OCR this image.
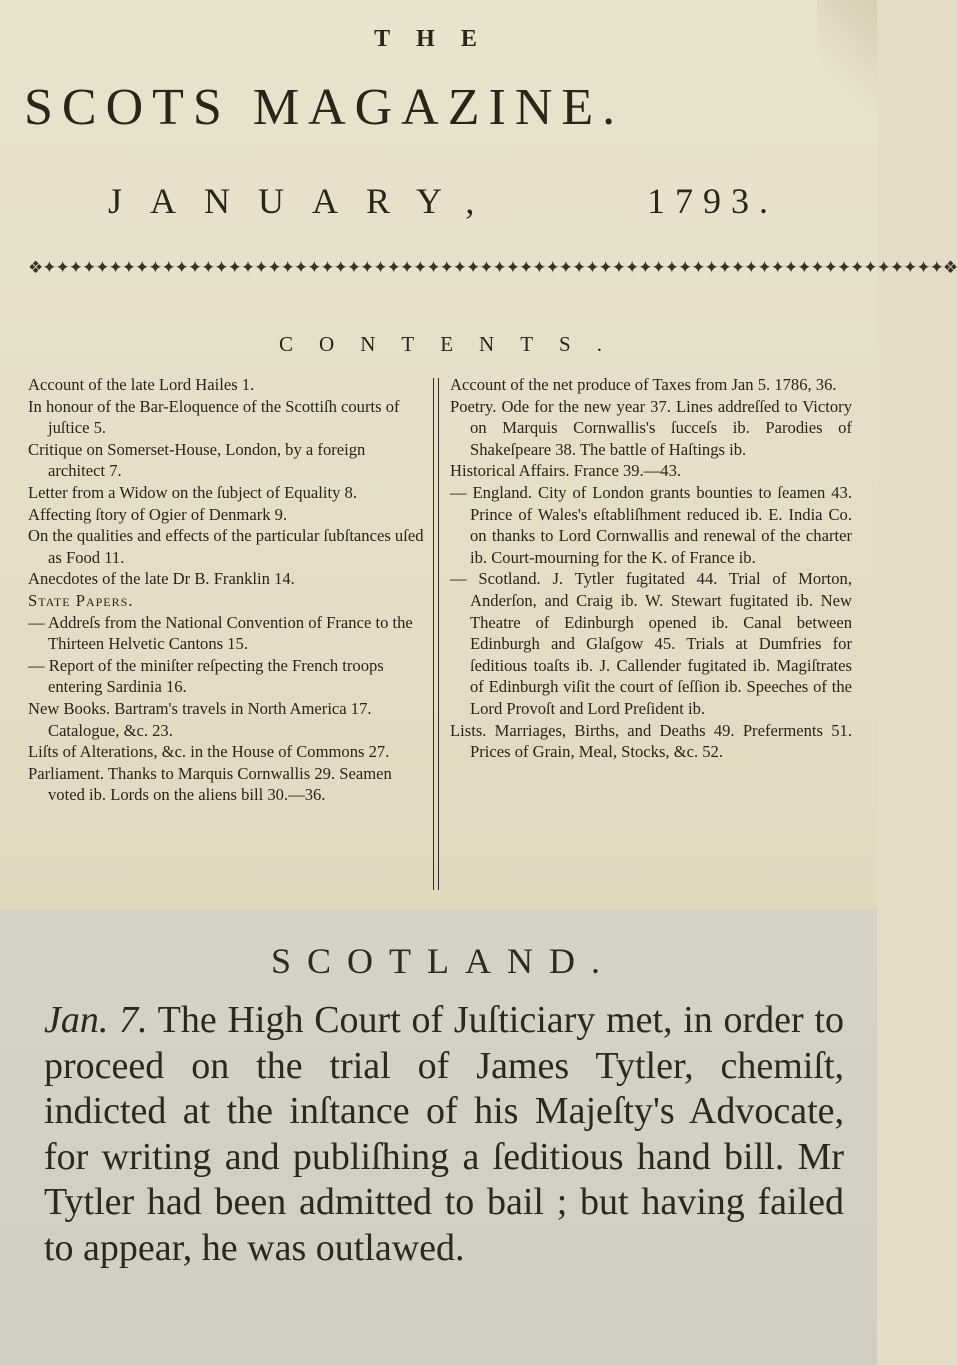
THE
SCOTS MAGAZINE.
JANUARY,	1793.
❖✦✦✦✦✦✦✦✦✦✦✦✦✦✦✦✦✦✦✦✦✦✦✦✦✦✦✦✦✦✦✦✦✦✦✦✦✦✦✦✦✦✦✦✦✦✦✦✦✦✦✦✦✦✦✦✦✦✦✦✦✦✦✦✦✦✦✦✦❖
CONTENTS.

Account of the late Lord Hailes 1.

In honour of the Bar-Eloquence of the Scottiſh courts of juſtice 5.

Critique on Somerset-House, London, by a foreign architect 7.

Letter from a Widow on the ſubject of Equality 8.

Affecting ſtory of Ogier of Denmark 9.

On the qualities and effects of the particular ſubſtances uſed as Food 11.

Anecdotes of the late Dr B. Franklin 14.

State Papers.

— Addreſs from the National Convention of France to the Thirteen Helvetic Cantons 15.

— Report of the miniſter reſpecting the French troops entering Sardinia 16.

New Books. Bartram's travels in North America 17. Catalogue, &c. 23.

Liſts of Alterations, &c. in the House of Commons 27.

Parliament. Thanks to Marquis Cornwallis 29. Seamen voted ib. Lords on the aliens bill 30.—36.

Account of the net produce of Taxes from Jan 5. 1786, 36.

Poetry. Ode for the new year 37. Lines addreſſed to Victory on Marquis Cornwallis's ſucceſs ib. Parodies of Shakeſpeare 38. The battle of Haſtings ib.

Historical Affairs. France 39.—43.

— England. City of London grants bounties to ſeamen 43. Prince of Wales's eſtabliſhment reduced ib. E. India Co. on thanks to Lord Cornwallis and renewal of the charter ib. Court-mourning for the K. of France ib.

— Scotland. J. Tytler fugitated 44. Trial of Morton, Anderſon, and Craig ib. W. Stewart fugitated ib. New Theatre of Edinburgh opened ib. Canal between Edinburgh and Glaſgow 45. Trials at Dumfries for ſeditious toaſts ib. J. Callender fugitated ib. Magiſtrates of Edinburgh viſit the court of ſeſſion ib. Speeches of the Lord Provoſt and Lord Preſident ib.

Lists. Marriages, Births, and Deaths 49. Preferments 51. Prices of Grain, Meal, Stocks, &c. 52.

SCOTLAND.
Jan. 7. The High Court of Juſticiary met, in order to proceed on the trial of James Tytler, chemiſt, indicted at the inſtance of his Majeſty's Advocate, for writing and publiſhing a ſeditious hand bill. Mr Tytler had been admitted to bail ; but having failed to appear, he was outlawed.
